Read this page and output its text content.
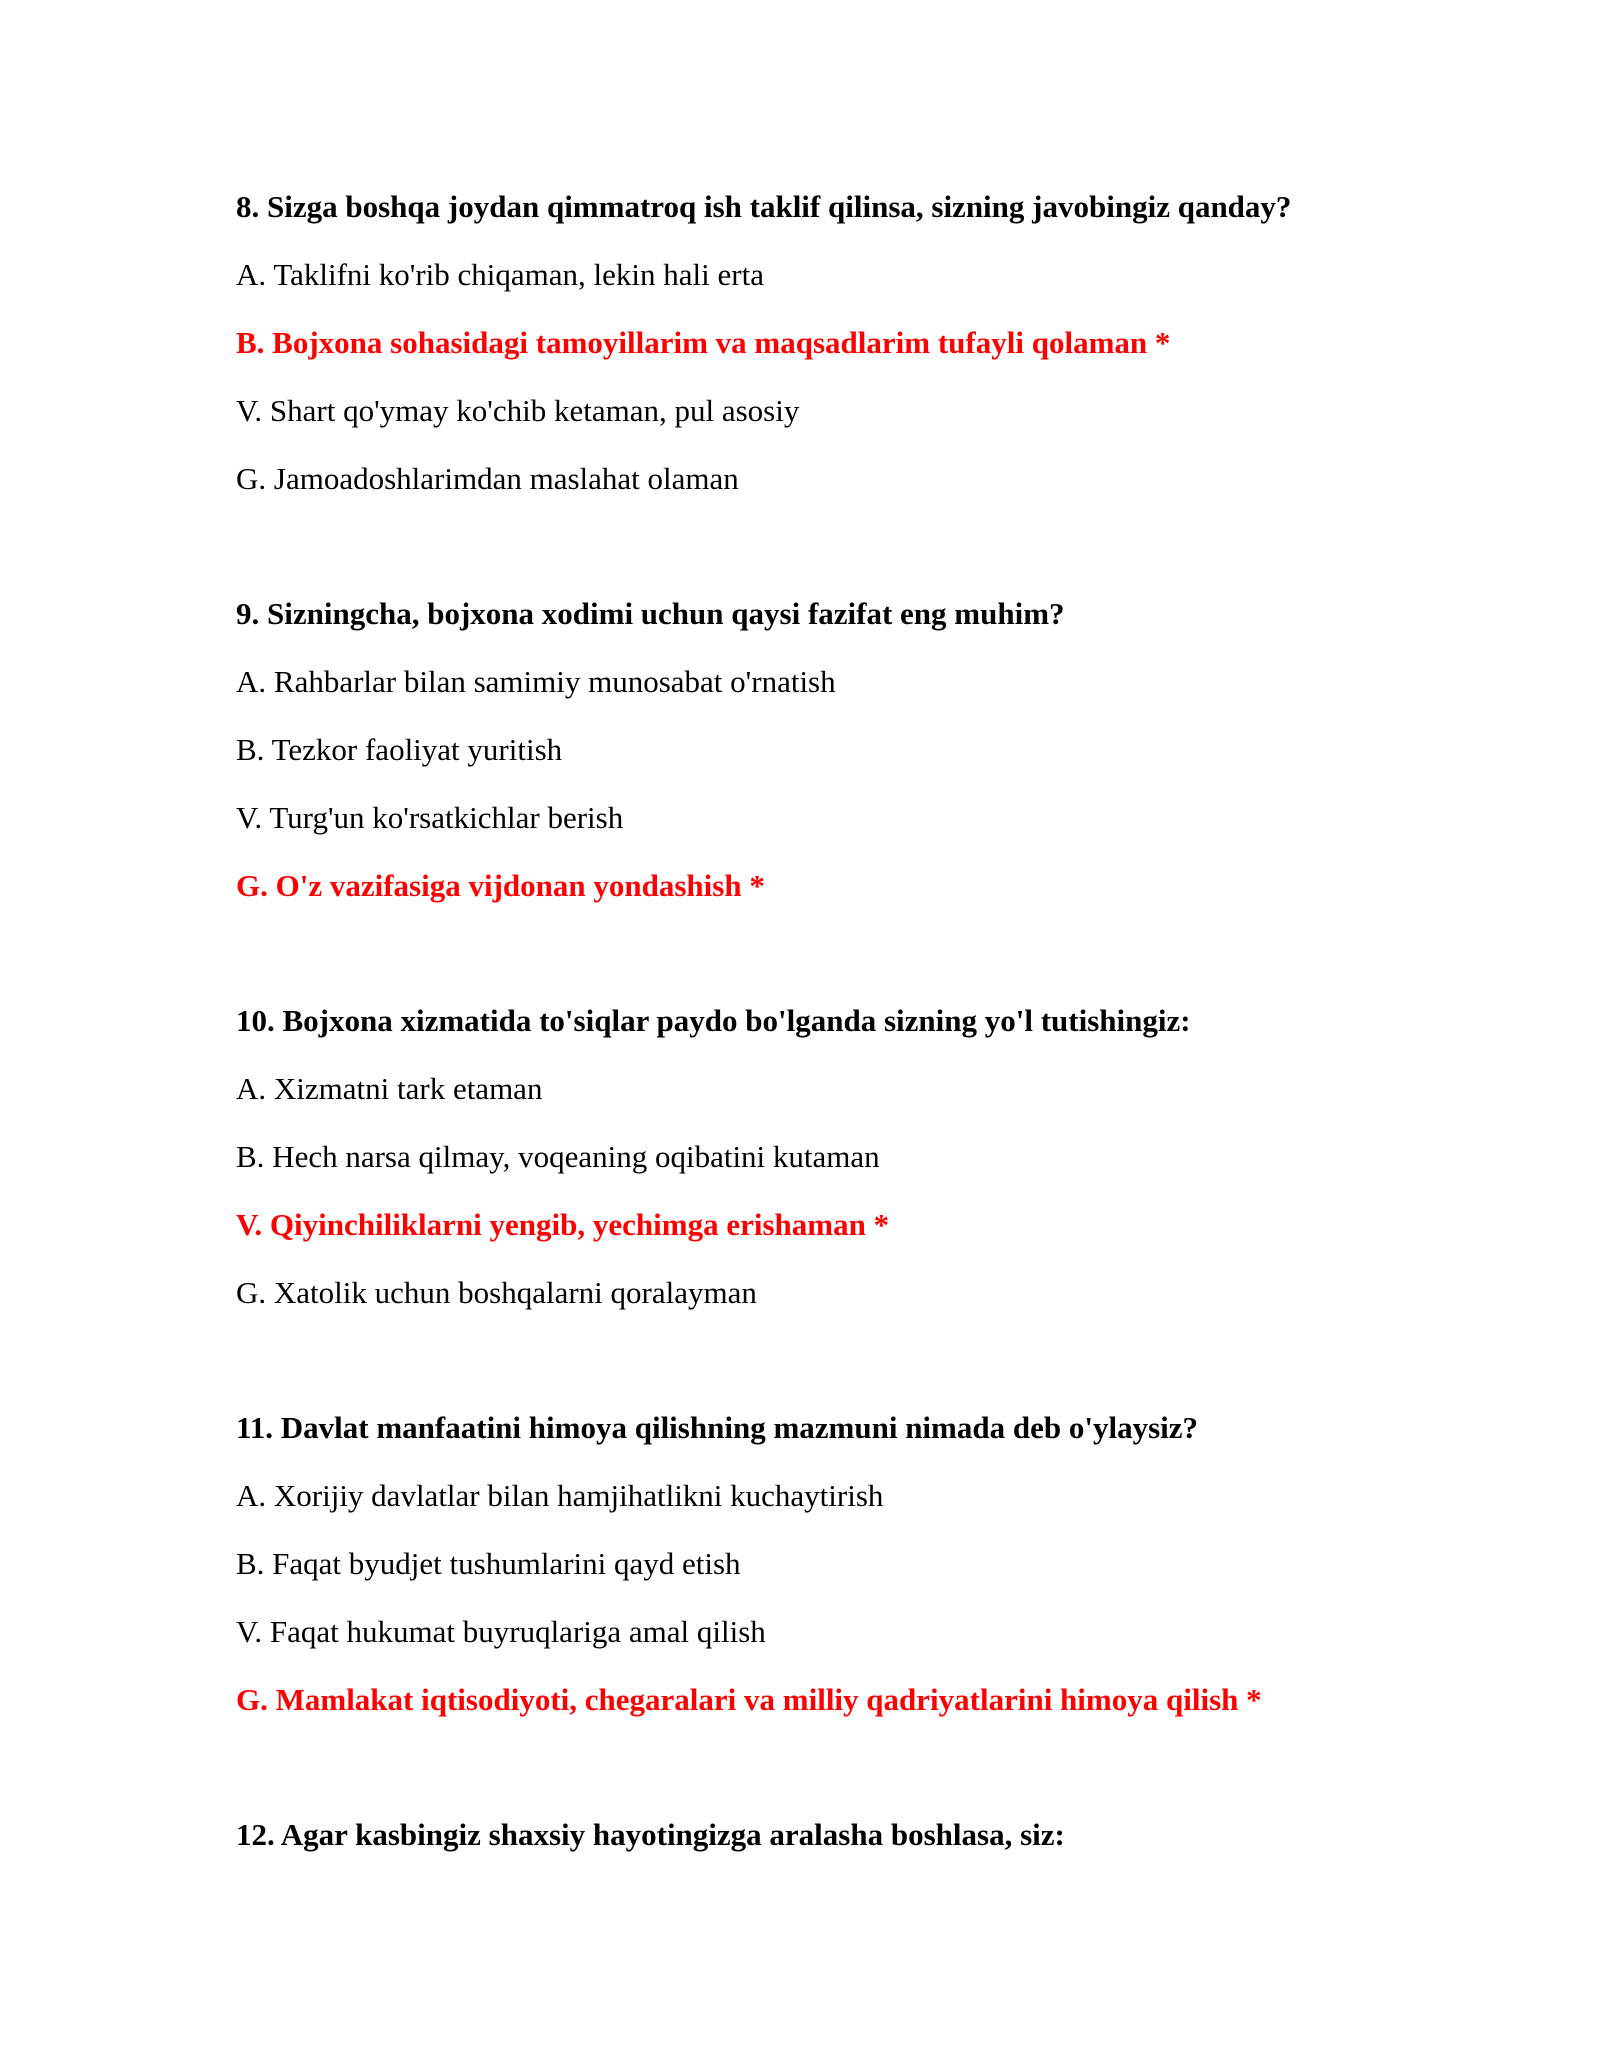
8. Sizga boshqa joydan qimmatroq ish taklif qilinsa, sizning javobingiz qanday?
A. Taklifni ko'rib chiqaman, lekin hali erta
B. Bojxona sohasidagi tamoyillarim va maqsadlarim tufayli qolaman *
V. Shart qo'ymay ko'chib ketaman, pul asosiy
G. Jamoadoshlarimdan maslahat olaman
9. Sizningcha, bojxona xodimi uchun qaysi fazifat eng muhim?
A. Rahbarlar bilan samimiy munosabat o'rnatish
B. Tezkor faoliyat yuritish
V. Turg'un ko'rsatkichlar berish
G. O'z vazifasiga vijdonan yondashish *
10. Bojxona xizmatida to'siqlar paydo bo'lganda sizning yo'l tutishingiz:
A. Xizmatni tark etaman
B. Hech narsa qilmay, voqeaning oqibatini kutaman
V. Qiyinchiliklarni yengib, yechimga erishaman *
G. Xatolik uchun boshqalarni qoralayman
11. Davlat manfaatini himoya qilishning mazmuni nimada deb o'ylaysiz?
A. Xorijiy davlatlar bilan hamjihatlikni kuchaytirish
B. Faqat byudjet tushumlarini qayd etish
V. Faqat hukumat buyruqlariga amal qilish
G. Mamlakat iqtisodiyoti, chegaralari va milliy qadriyatlarini himoya qilish *
12. Agar kasbingiz shaxsiy hayotingizga aralasha boshlasa, siz:
